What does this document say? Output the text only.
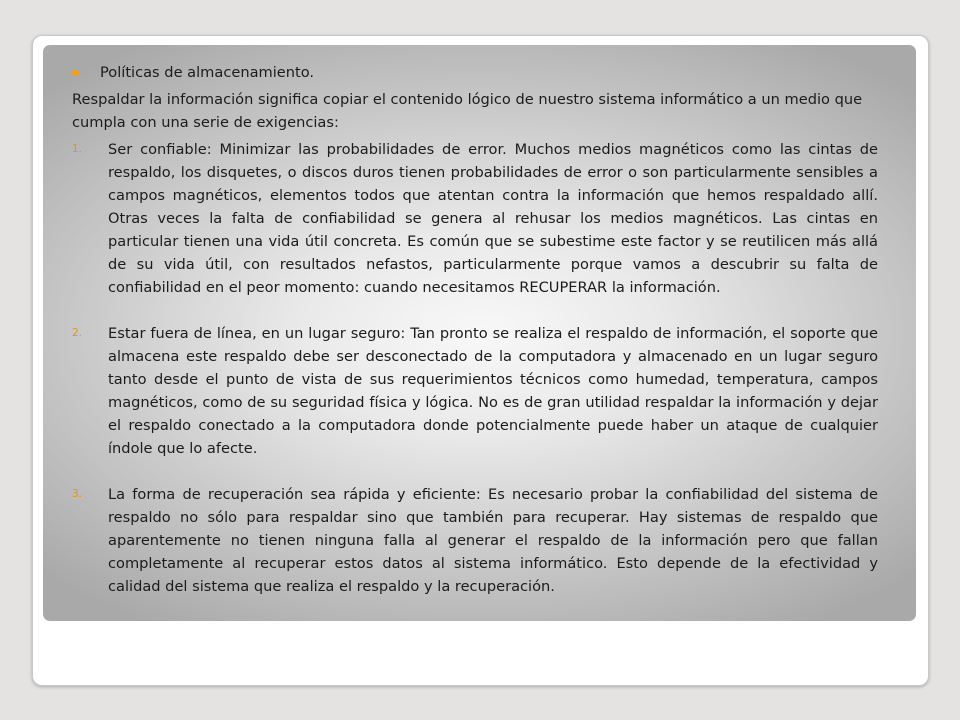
Políticas de almacenamiento.
Respaldar la información significa copiar el contenido lógico de nuestro sistema informático a un medio que cumpla con una serie de exigencias:
1. Ser confiable: Minimizar las probabilidades de error. Muchos medios magnéticos como las cintas de respaldo, los disquetes, o discos duros tienen probabilidades de error o son particularmente sensibles a campos magnéticos, elementos todos que atentan contra la información que hemos respaldado allí. Otras veces la falta de confiabilidad se genera al rehusar los medios magnéticos. Las cintas en particular tienen una vida útil concreta. Es común que se subestime este factor y se reutilicen más allá de su vida útil, con resultados nefastos, particularmente porque vamos a descubrir su falta de confiabilidad en el peor momento: cuando necesitamos RECUPERAR la información.
2. Estar fuera de línea, en un lugar seguro: Tan pronto se realiza el respaldo de información, el soporte que almacena este respaldo debe ser desconectado de la computadora y almacenado en un lugar seguro tanto desde el punto de vista de sus requerimientos técnicos como humedad, temperatura, campos magnéticos, como de su seguridad física y lógica. No es de gran utilidad respaldar la información y dejar el respaldo conectado a la computadora donde potencialmente puede haber un ataque de cualquier índole que lo afecte.
3. La forma de recuperación sea rápida y eficiente: Es necesario probar la confiabilidad del sistema de respaldo no sólo para respaldar sino que también para recuperar. Hay sistemas de respaldo que aparentemente no tienen ninguna falla al generar el respaldo de la información pero que fallan completamente al recuperar estos datos al sistema informático. Esto depende de la efectividad y calidad del sistema que realiza el respaldo y la recuperación.
